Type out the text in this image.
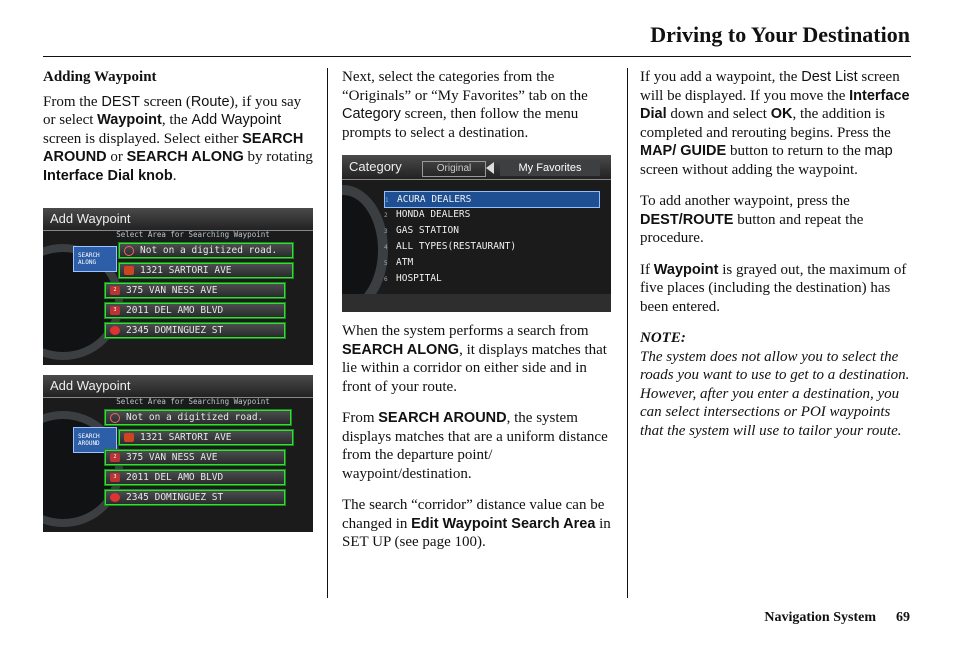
Driving to Your Destination
Adding Waypoint

From the DEST screen (Route), if you say or select Waypoint, the Add Waypoint screen is displayed. Select either SEARCH AROUND or SEARCH ALONG by rotating Interface Dial knob.

Add Waypoint
Select Area for Searching Waypoint
SEARCH ALONG
Not on a digitized road.
1321 SARTORI AVE
2	375 VAN NESS AVE
3	2011 DEL AMO BLVD
2345 DOMINGUEZ ST
Add Waypoint
Select Area for Searching Waypoint
SEARCH AROUND
Not on a digitized road.
1321 SARTORI AVE
2	375 VAN NESS AVE
3	2011 DEL AMO BLVD
2345 DOMINGUEZ ST

Next, select the categories from the “Originals” or “My Favorites” tab on the Category screen, then follow the menu prompts to select a destination.

Category	Original	My Favorites
1 ACURA DEALERS
2 HONDA DEALERS
3 GAS STATION
4 ALL TYPES(RESTAURANT)
5 ATM
6 HOSPITAL

When the system performs a search from SEARCH ALONG, it displays matches that lie within a corridor on either side and in front of your route.

From SEARCH AROUND, the system displays matches that are a uniform distance from the departure point/ waypoint/destination.

The search “corridor” distance value can be changed in Edit Waypoint Search Area in SET UP (see page 100).

If you add a waypoint, the Dest List screen will be displayed. If you move the Interface Dial down and select OK, the addition is completed and rerouting begins. Press the MAP/ GUIDE button to return to the map screen without adding the waypoint.

To add another waypoint, press the DEST/ROUTE button and repeat the procedure.

If Waypoint is grayed out, the maximum of five places (including the destination) has been entered.

NOTE:
The system does not allow you to select the roads you want to use to get to a destination. However, after you enter a destination, you can select intersections or POI waypoints that the system will use to tailor your route.
Navigation System 69
